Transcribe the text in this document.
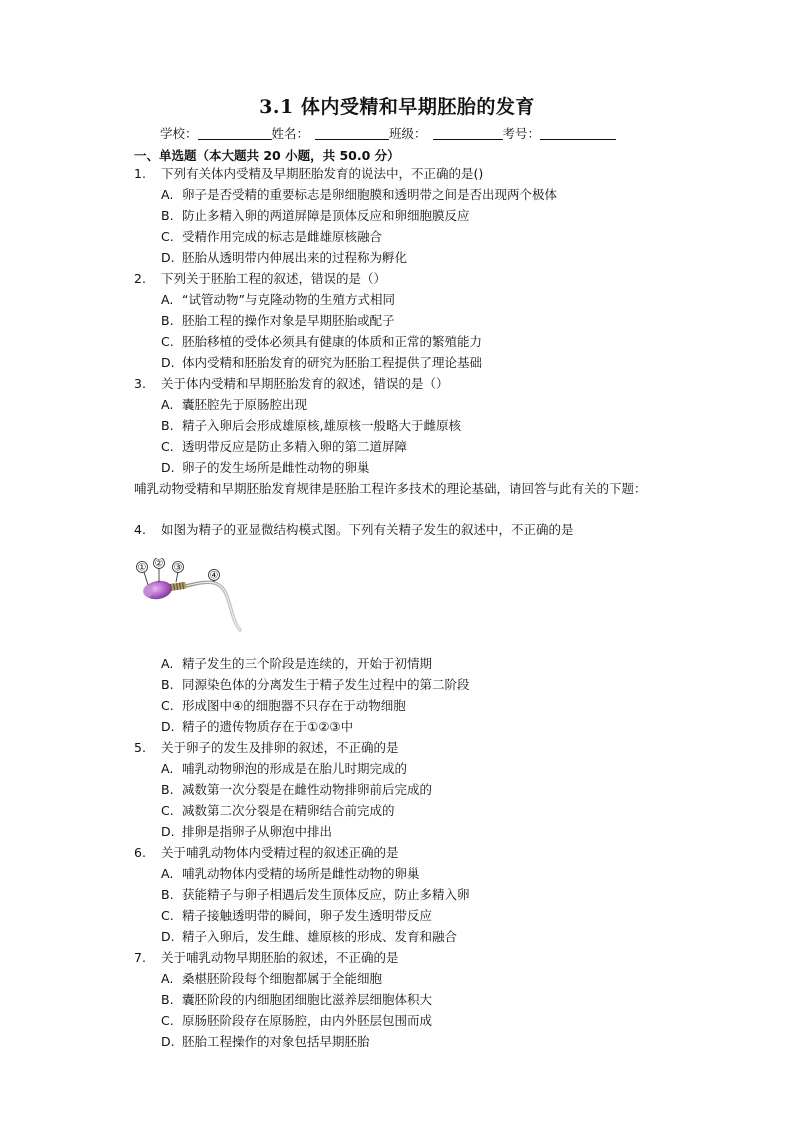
3.1 体内受精和早期胚胎的发育
学校：	姓名：	班级：	考号：
一、单选题（本大题共 20 小题，共 50.0 分）
1. 下列有关体内受精及早期胚胎发育的说法中，不正确的是()
A. 卵子是否受精的重要标志是卵细胞膜和透明带之间是否出现两个极体
B. 防止多精入卵的两道屏障是顶体反应和卵细胞膜反应
C. 受精作用完成的标志是雌雄原核融合
D. 胚胎从透明带内伸展出来的过程称为孵化
2. 下列关于胚胎工程的叙述，错误的是（）
A. “试管动物”与克隆动物的生殖方式相同
B. 胚胎工程的操作对象是早期胚胎或配子
C. 胚胎移植的受体必须具有健康的体质和正常的繁殖能力
D. 体内受精和胚胎发育的研究为胚胎工程提供了理论基础
3. 关于体内受精和早期胚胎发育的叙述，错误的是（）
A. 囊胚腔先于原肠腔出现
B. 精子入卵后会形成雄原核,雄原核一般略大于雌原核
C. 透明带反应是防止多精入卵的第二道屏障
D. 卵子的发生场所是雌性动物的卵巢
哺乳动物受精和早期胚胎发育规律是胚胎工程许多技术的理论基础，请回答与此有关的下题：
4. 如图为精子的亚显微结构模式图。下列有关精子发生的叙述中，不正确的是
① ② ③
④
A. 精子发生的三个阶段是连续的，开始于初情期
B. 同源染色体的分离发生于精子发生过程中的第二阶段
C. 形成图中④的细胞器不只存在于动物细胞
D. 精子的遗传物质存在于①②③中
5. 关于卵子的发生及排卵的叙述，不正确的是
A. 哺乳动物卵泡的形成是在胎儿时期完成的
B. 减数第一次分裂是在雌性动物排卵前后完成的
C. 减数第二次分裂是在精卵结合前完成的
D. 排卵是指卵子从卵泡中排出
6. 关于哺乳动物体内受精过程的叙述正确的是
A. 哺乳动物体内受精的场所是雌性动物的卵巢
B. 获能精子与卵子相遇后发生顶体反应，防止多精入卵
C. 精子接触透明带的瞬间，卵子发生透明带反应
D. 精子入卵后，发生雌、雄原核的形成、发育和融合
7. 关于哺乳动物早期胚胎的叙述，不正确的是
A. 桑椹胚阶段每个细胞都属于全能细胞
B. 囊胚阶段的内细胞团细胞比滋养层细胞体积大
C. 原肠胚阶段存在原肠腔，由内外胚层包围而成
D. 胚胎工程操作的对象包括早期胚胎
